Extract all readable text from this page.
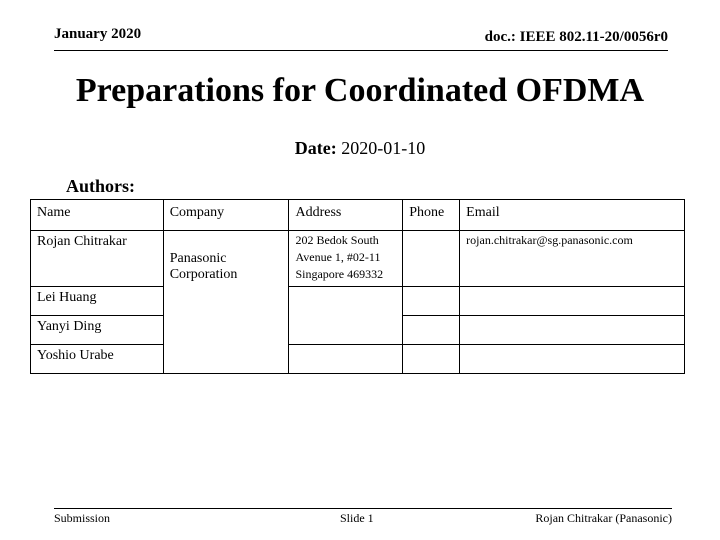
January 2020	doc.: IEEE 802.11-20/0056r0
Preparations for Coordinated OFDMA
Date: 2020-01-10
Authors:
Name	Company	Address	Phone	Email
Rojan Chitrakar	Panasonic Corporation	202 Bedok South Avenue 1, #02-11 Singapore 469332		rojan.chitrakar@sg.panasonic.com
Lei Huang				
Yanyi Ding				
Yoshio Urabe				
Submission	Slide 1	Rojan Chitrakar (Panasonic)
